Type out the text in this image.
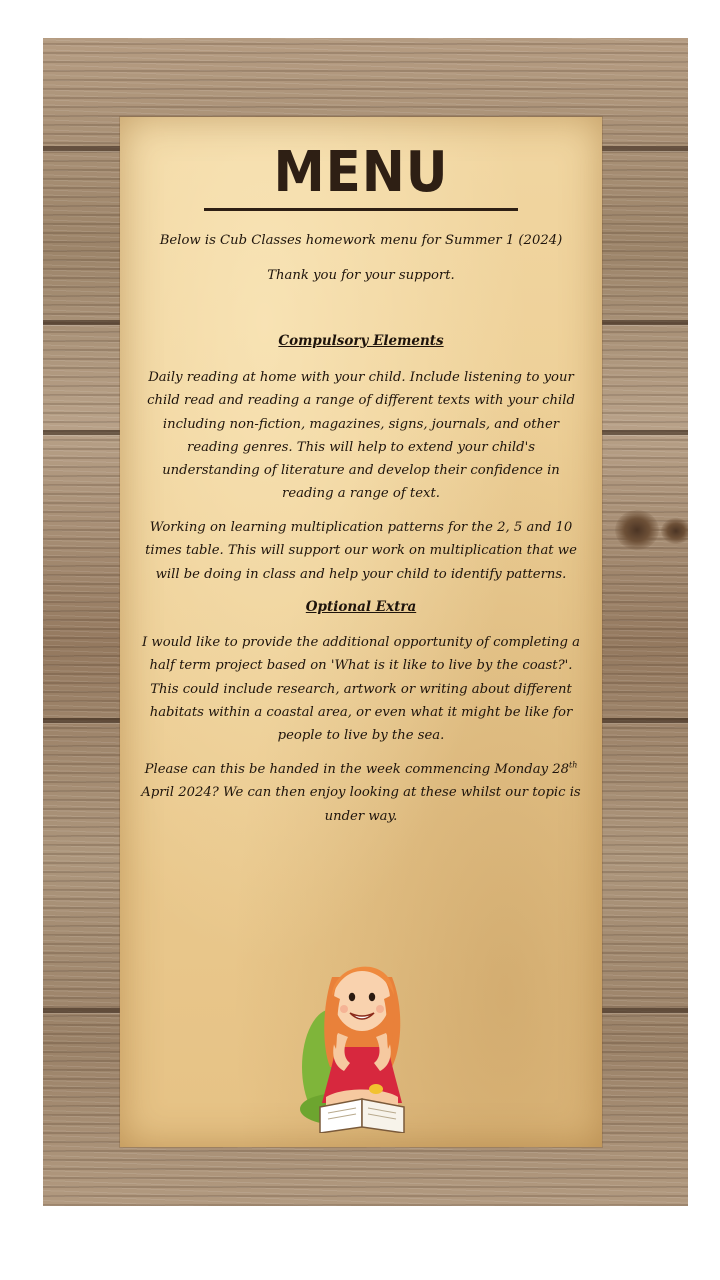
MENU
Below is Cub Classes homework menu for Summer 1 (2024)
Thank you for your support.
Compulsory Elements
Daily reading at home with your child. Include listening to your child read and reading a range of different texts with your child including non-fiction, magazines, signs, journals, and other reading genres. This will help to extend your child's understanding of literature and develop their confidence in reading a range of text.
Working on learning multiplication patterns for the 2, 5 and 10 times table. This will support our work on multiplication that we will be doing in class and help your child to identify patterns.
Optional Extra
I would like to provide the additional opportunity of completing a half term project based on 'What is it like to live by the coast?'. This could include research, artwork or writing about different habitats within a coastal area, or even what it might be like for people to live by the sea.
Please can this be handed in the week commencing Monday 28th April 2024? We can then enjoy looking at these whilst our topic is under way.
